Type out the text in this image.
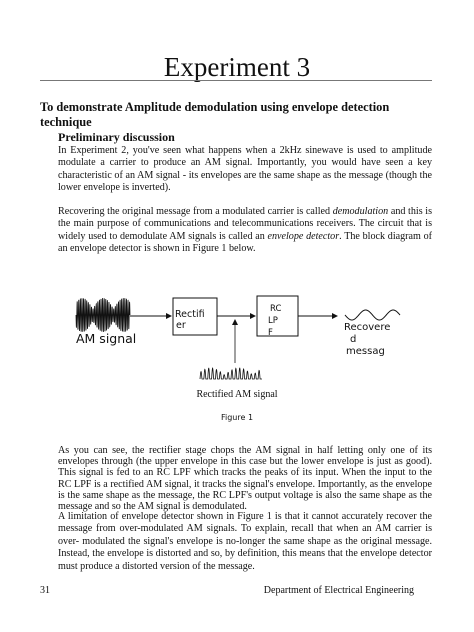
Experiment 3
To demonstrate Amplitude demodulation using envelope detection technique
Preliminary discussion

In Experiment 2, you've seen what happens when a 2kHz sinewave is used to amplitude modulate a carrier to produce an AM signal. Importantly, you would have seen a key characteristic of an AM signal - its envelopes are the same shape as the message (though the lower envelope is inverted).

Recovering the original message from a modulated carrier is called demodulation and this is the main purpose of communications and telecommunications receivers. The circuit that is widely used to demodulate AM signals is called an envelope detector. The block diagram of an envelope detector is shown in Figure 1 below.

Rectifi
er
RC
LP
F	Recovere
d
messag
AM signal
Rectified AM signal
Figure 1

As you can see, the rectifier stage chops the AM signal in half letting only one of its envelopes through (the upper envelope in this case but the lower envelope is just as good). This signal is fed to an RC LPF which tracks the peaks of its input. When the input to the RC LPF is a rectified AM signal, it tracks the signal's envelope. Importantly, as the envelope is the same shape as the message, the RC LPF's output voltage is also the same shape as the message and so the AM signal is demodulated.

A limitation of envelope detector shown in Figure 1 is that it cannot accurately recover the message from over-modulated AM signals. To explain, recall that when an AM carrier is over- modulated the signal's envelope is no-longer the same shape as the original message. Instead, the envelope is distorted and so, by definition, this means that the envelope detector must produce a distorted version of the message.

31	Department of Electrical Engineering
